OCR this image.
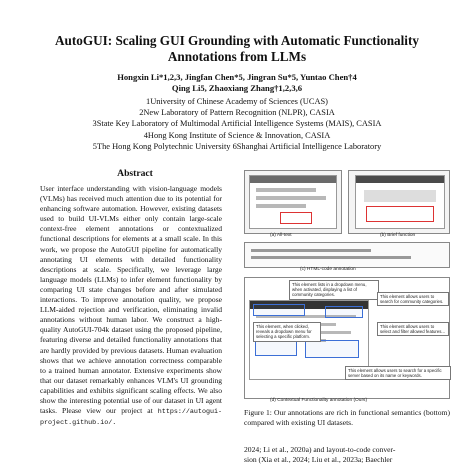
AutoGUI: Scaling GUI Grounding with Automatic Functionality
Annotations from LLMs
Hongxin Li*1,2,3, Jingfan Chen*5, Jingran Su*5, Yuntao Chen†4
Qing Li5, Zhaoxiang Zhang†1,2,3,6
1University of Chinese Academy of Sciences (UCAS)
2New Laboratory of Pattern Recognition (NLPR), CASIA
3State Key Laboratory of Multimodal Artificial Intelligence Systems (MAIS), CASIA
4Hong Kong Institute of Science & Innovation, CASIA
5The Hong Kong Polytechnic University 6Shanghai Artificial Intelligence Laboratory
Abstract
User interface understanding with vision-language models (VLMs) has received much attention due to its potential for enhancing software automation. However, existing datasets used to build UI-VLMs either only contain large-scale context-free element annotations or contextualized functional descriptions for elements at a small scale. In this work, we propose the AutoGUI pipeline for automatically annotating UI elements with detailed functionality descriptions at scale. Specifically, we leverage large language models (LLMs) to infer element functionality by comparing UI state changes before and after simulated interactions. To improve annotation quality, we propose LLM-aided rejection and verification, eliminating invalid annotations without human labor. We construct a high-quality AutoGUI-704k dataset using the proposed pipeline, featuring diverse and detailed functionality annotations that are hardly provided by previous datasets. Human evaluation shows that we achieve annotation correctness comparable to a trained human annotator. Extensive experiments show that our dataset remarkably enhances VLM's UI grounding capabilities and exhibits significant scaling effects. We also show the interesting potential use of our dataset in UI agent tasks. Please view our project at https://autogui-project.github.io/.
(a) All-text	(b) Brief function
(c) HTML-code annotation
This element lists in a dropdown menu, when activated, displaying a list of community categories.	This element allows users to search for community categories.
This element, when clicked, reveals a dropdown menu for selecting a specific platform.
This element allows users to select and filter allowed features...
This element allows users to search for a specific server based on its name or keywords.
(d) Contextual Functionality annotation (Ours)
Figure 1: Our annotations are rich in functional semantics (bottom) compared with existing UI datasets.
2024; Li et al., 2020a) and layout-to-code conver-
sion (Xia et al., 2024; Liu et al., 2023a; Baechler
